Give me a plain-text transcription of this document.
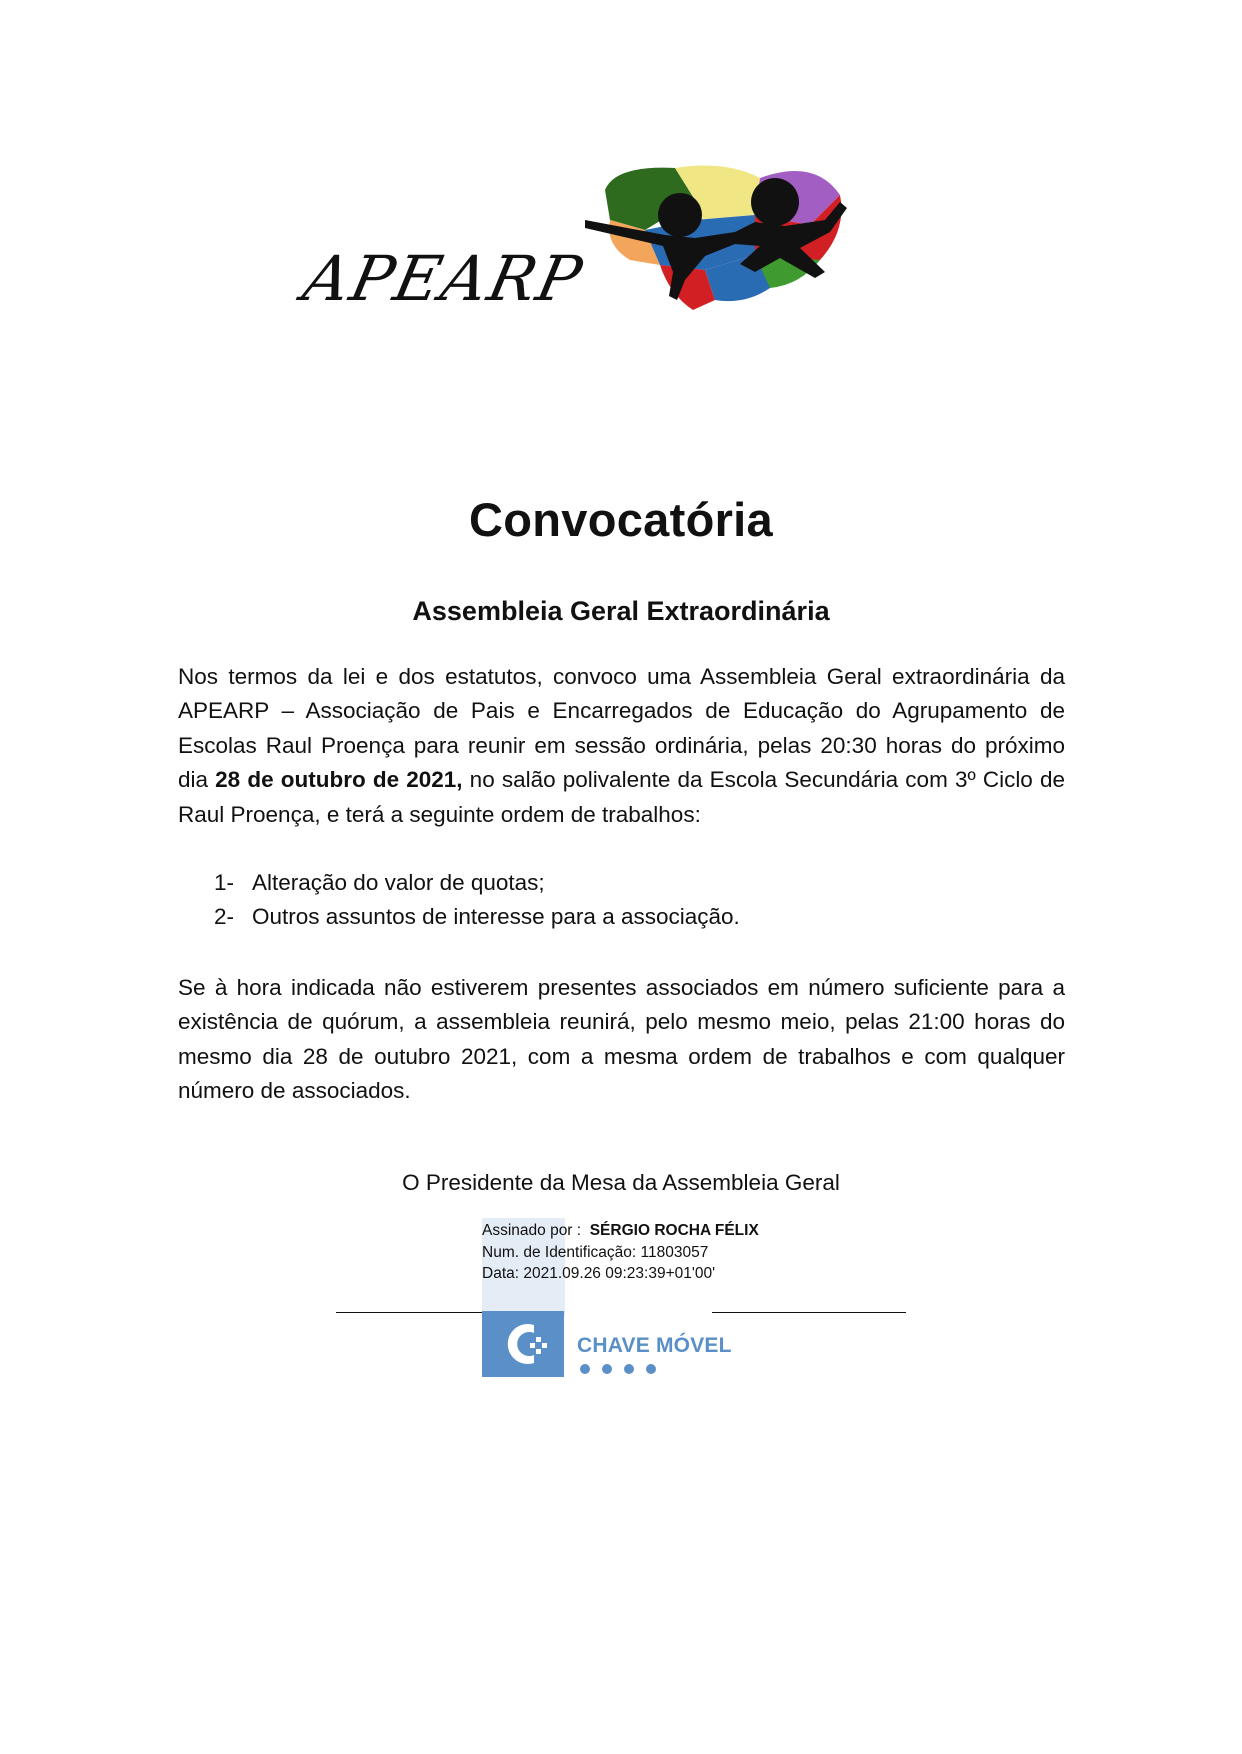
APEARP
Convocatória
Assembleia Geral Extraordinária
Nos termos da lei e dos estatutos, convoco uma Assembleia Geral extraordinária da APEARP – Associação de Pais e Encarregados de Educação do Agrupamento de Escolas Raul Proença para reunir em sessão ordinária, pelas 20:30 horas do próximo dia 28 de outubro de 2021, no salão polivalente da Escola Secundária com 3º Ciclo de Raul Proença, e terá a seguinte ordem de trabalhos:
1- Alteração do valor de quotas;
2- Outros assuntos de interesse para a associação.
Se à hora indicada não estiverem presentes associados em número suficiente para a existência de quórum, a assembleia reunirá, pelo mesmo meio, pelas 21:00 horas do mesmo dia 28 de outubro 2021, com a mesma ordem de trabalhos e com qualquer número de associados.
O Presidente da Mesa da Assembleia Geral
Assinado por : SÉRGIO ROCHA FÉLIX
Num. de Identificação: 11803057
Data: 2021.09.26 09:23:39+01'00'
CHAVE MÓVEL
